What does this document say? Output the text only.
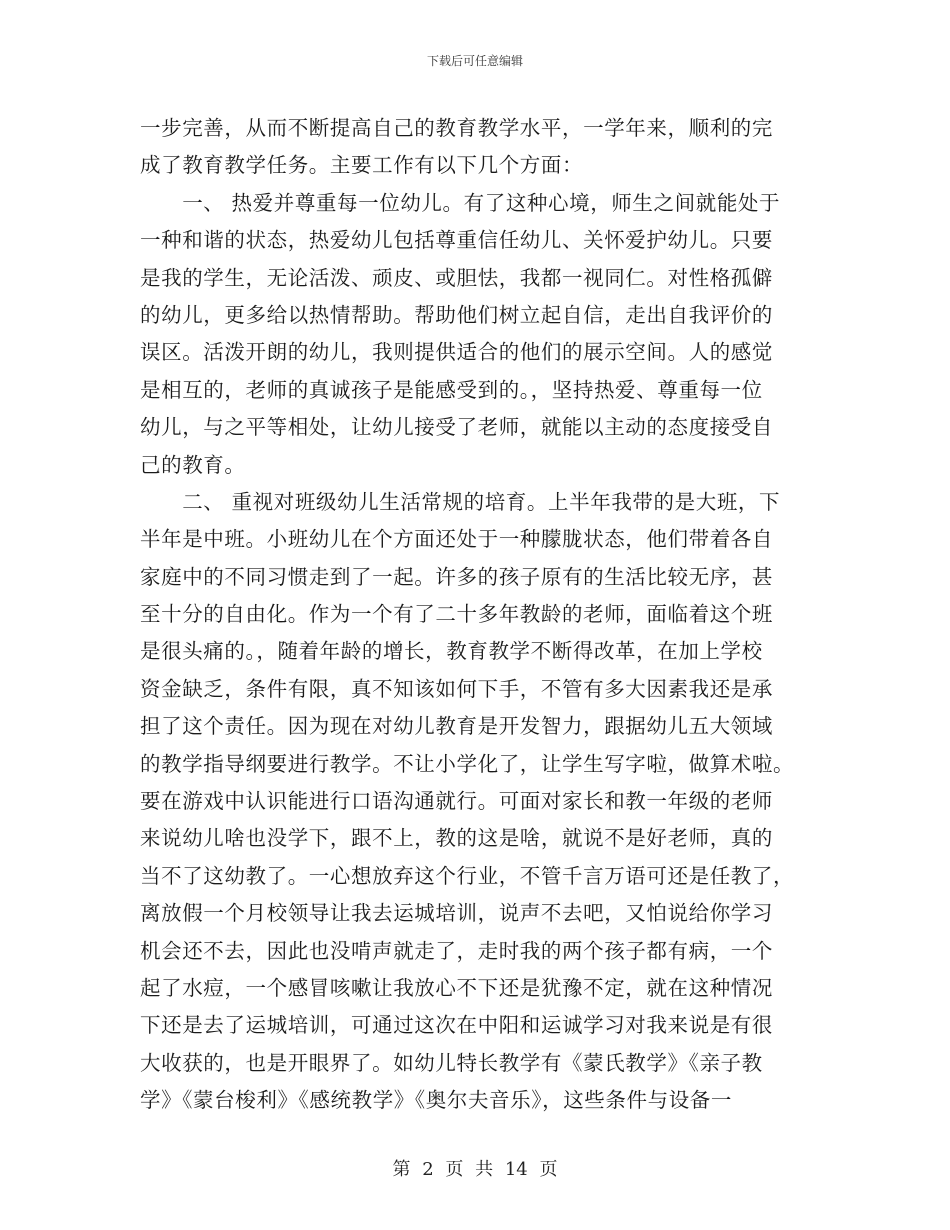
下载后可任意编辑
一步完善，从而不断提高自己的教育教学水平，一学年来，顺利的完
成了教育教学任务。主要工作有以下几个方面：
　　一、 热爱并尊重每一位幼儿。有了这种心境，师生之间就能处于
一种和谐的状态，热爱幼儿包括尊重信任幼儿、关怀爱护幼儿。只要
是我的学生，无论活泼、顽皮、或胆怯，我都一视同仁。对性格孤僻
的幼儿，更多给以热情帮助。帮助他们树立起自信，走出自我评价的
误区。活泼开朗的幼儿，我则提供适合的他们的展示空间。人的感觉
是相互的，老师的真诚孩子是能感受到的。，坚持热爱、尊重每一位
幼儿，与之平等相处，让幼儿接受了老师，就能以主动的态度接受自
己的教育。
　　二、 重视对班级幼儿生活常规的培育。上半年我带的是大班，下
半年是中班。小班幼儿在个方面还处于一种朦胧状态，他们带着各自
家庭中的不同习惯走到了一起。许多的孩子原有的生活比较无序，甚
至十分的自由化。作为一个有了二十多年教龄的老师，面临着这个班
是很头痛的。，随着年龄的增长，教育教学不断得改革，在加上学校
资金缺乏，条件有限，真不知该如何下手，不管有多大因素我还是承
担了这个责任。因为现在对幼儿教育是开发智力，跟据幼儿五大领域
的教学指导纲要进行教学。不让小学化了，让学生写字啦，做算术啦。
要在游戏中认识能进行口语沟通就行。可面对家长和教一年级的老师
来说幼儿啥也没学下，跟不上，教的这是啥，就说不是好老师，真的
当不了这幼教了。一心想放弃这个行业，不管千言万语可还是任教了，
离放假一个月校领导让我去运城培训，说声不去吧，又怕说给你学习
机会还不去，因此也没啃声就走了，走时我的两个孩子都有病，一个
起了水痘，一个感冒咳嗽让我放心不下还是犹豫不定，就在这种情况
下还是去了运城培训，可通过这次在中阳和运诚学习对我来说是有很
大收获的，也是开眼界了。如幼儿特长教学有《蒙氏教学》《亲子教
学》《蒙台梭利》《感统教学》《奥尔夫音乐》，这些条件与设备一
第 2 页 共 14 页
